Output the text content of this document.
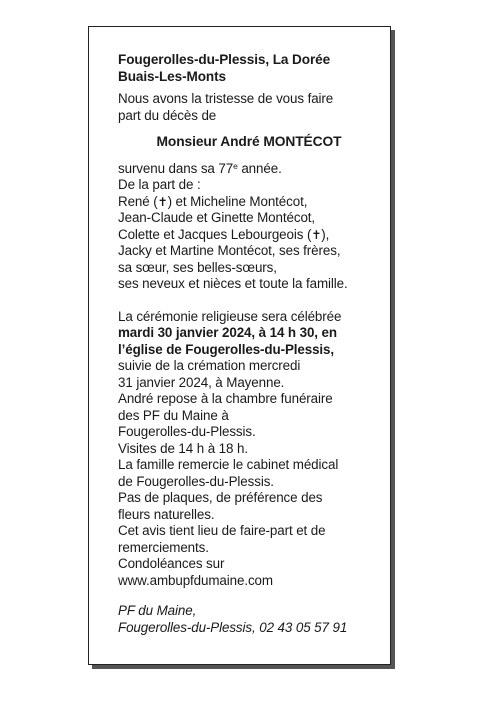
Fougerolles-du-Plessis, La Dorée
Buais-Les-Monts
Nous avons la tristesse de vous faire
part du décès de
Monsieur André MONTÉCOT
survenu dans sa 77e année.
De la part de :
René (✝) et Micheline Montécot,
Jean-Claude et Ginette Montécot,
Colette et Jacques Lebourgeois (✝),
Jacky et Martine Montécot, ses frères,
sa sœur, ses belles-sœurs,
ses neveux et nièces et toute la famille.
La cérémonie religieuse sera célébrée
mardi 30 janvier 2024, à 14 h 30, en
l’église de Fougerolles-du-Plessis,
suivie de la crémation mercredi
31 janvier 2024, à Mayenne.
André repose à la chambre funéraire
des PF du Maine à
Fougerolles-du-Plessis.
Visites de 14 h à 18 h.
La famille remercie le cabinet médical
de Fougerolles-du-Plessis.
Pas de plaques, de préférence des
fleurs naturelles.
Cet avis tient lieu de faire-part et de
remerciements.
Condoléances sur
www.ambupfdumaine.com
PF du Maine,
Fougerolles-du-Plessis, 02 43 05 57 91
